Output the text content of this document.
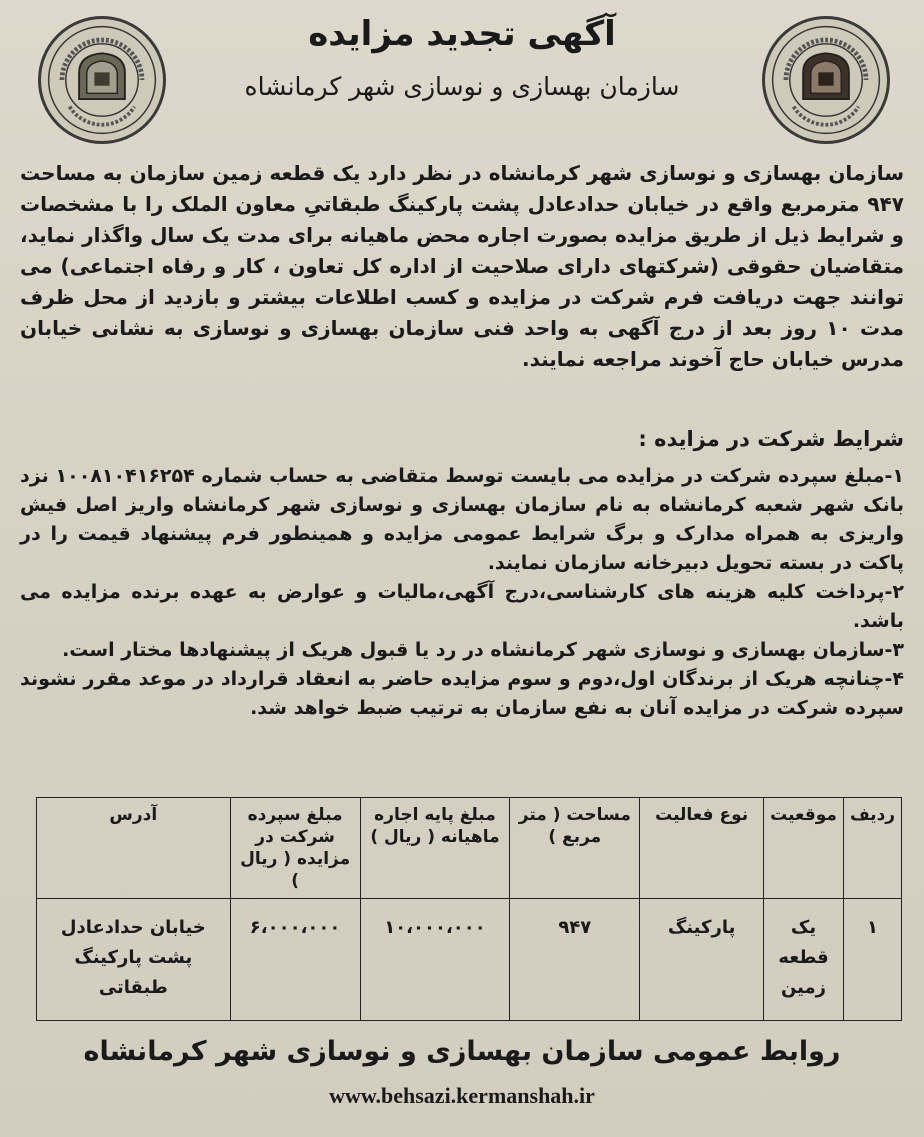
آگهی تجدید مزایده
سازمان بهسازی و نوسازی شهر کرمانشاه

سازمان بهسازی و نوسازی شهر کرمانشاه در نظر دارد یک قطعه زمین سازمان به مساحت ۹۴۷ مترمربع واقع در خیابان حدادعادل پشت پارکینگ طبقاتیِ معاون الملک را با مشخصات و شرایط ذیل از طریق مزایده بصورت اجاره محض ماهیانه برای مدت یک سال واگذار نماید، متقاضیان حقوقی (شرکتهای دارای صلاحیت از اداره کل تعاون ، کار و رفاه اجتماعی) می توانند جهت دریافت فرم شرکت در مزایده و کسب اطلاعات بیشتر و بازدید از محل ظرف مدت ۱۰ روز بعد از درج آگهی به واحد فنی سازمان بهسازی و نوسازی به نشانی خیابان مدرس خیابان حاج آخوند مراجعه نمایند.

شرایط شرکت در مزایده :

۱-مبلغ سپرده شرکت در مزایده می بایست توسط متقاضی به حساب شماره ۱۰۰۸۱۰۴۱۶۲۵۴ نزد بانک شهر شعبه کرمانشاه به نام سازمان بهسازی و نوسازی شهر کرمانشاه واریز اصل فیش واریزی به همراه مدارک و برگ شرایط عمومی مزایده و همینطور فرم پیشنهاد قیمت را در پاکت در بسته تحویل دبیرخانه سازمان نمایند.
۲-پرداخت کلیه هزینه های کارشناسی،درج آگهی،مالیات و عوارض به عهده برنده مزایده می باشد.
۳-سازمان بهسازی و نوسازی شهر کرمانشاه در رد یا قبول هریک از پیشنهادها مختار است.
۴-چنانچه هریک از برندگان اول،دوم و سوم مزایده حاضر به انعقاد قرارداد در موعد مقرر نشوند سپرده شرکت در مزایده آنان به نفع سازمان به ترتیب ضبط خواهد شد.
ردیف	موقعیت	نوع فعالیت	مساحت ( متر مربع )	مبلغ پایه اجاره ماهیانه ( ریال )	مبلغ سپرده شرکت در مزایده ( ریال )	آدرس
۱	یک قطعه زمین	پارکینگ	۹۴۷	۱۰،۰۰۰،۰۰۰	۶،۰۰۰،۰۰۰	خیابان حدادعادل پشت پارکینگ طبقاتی
روابط عمومی سازمان بهسازی و نوسازی شهر کرمانشاه
www.behsazi.kermanshah.ir
